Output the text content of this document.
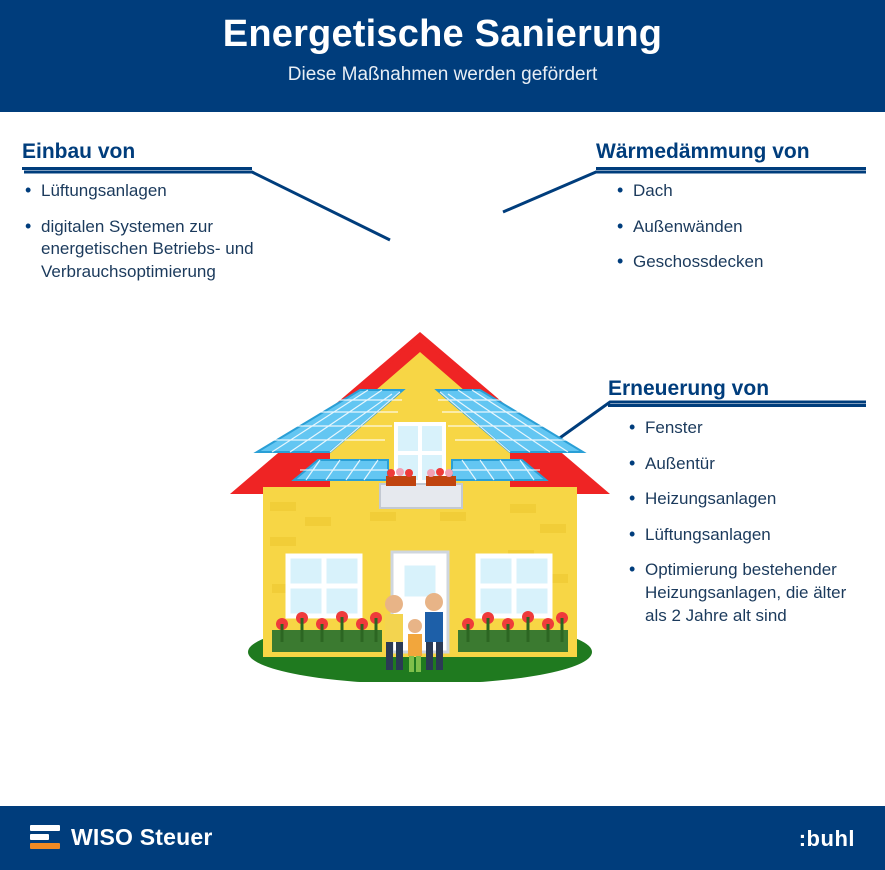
Energetische Sanierung

Diese Maßnahmen werden gefördert

Einbau von
• Lüftungsanlagen
• digitalen Systemen zur energetischen Betriebs- und Verbrauchsoptimierung
Wärmedämmung von
• Dach
• Außenwänden
• Geschossdecken
Erneuerung von
• Fenster
• Außentür
• Heizungsanlagen
• Lüftungsanlagen
• Optimierung bestehender Heizungsanlagen, die älter als 2 Jahre alt sind
WISO Steuer	:buhl
